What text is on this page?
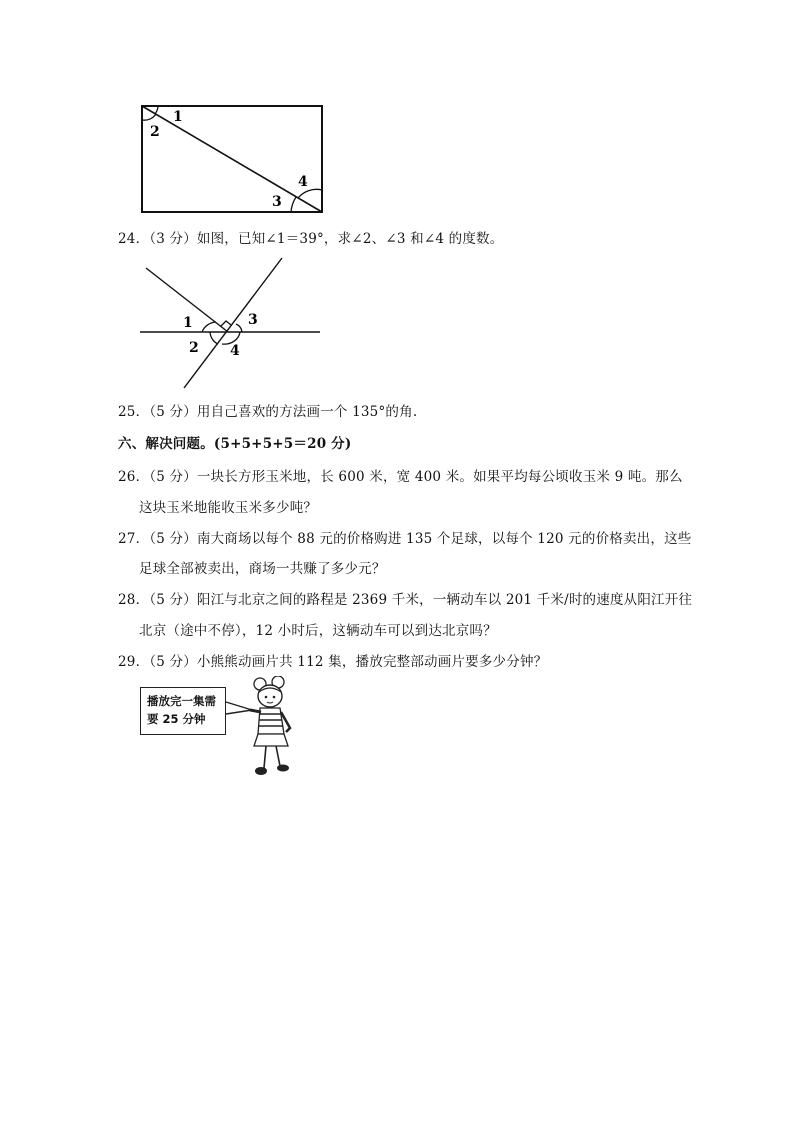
1
2
3
4
24．（3 分）如图，已知∠1＝39°，求∠2、∠3 和∠4 的度数。
1
2
3
4
25．（5 分）用自己喜欢的方法画一个 135°的角.
六、解决问题。(5+5+5+5＝20 分)
26．（5 分）一块长方形玉米地，长 600 米，宽 400 米。如果平均每公顷收玉米 9 吨。那么
这块玉米地能收玉米多少吨？
27．（5 分）南大商场以每个 88 元的价格购进 135 个足球，以每个 120 元的价格卖出，这些
足球全部被卖出，商场一共赚了多少元？
28．（5 分）阳江与北京之间的路程是 2369 千米，一辆动车以 201 千米/时的速度从阳江开往
北京（途中不停），12 小时后，这辆动车可以到达北京吗？
29．（5 分）小熊熊动画片共 112 集，播放完整部动画片要多少分钟？
播放完一集需
要 25 分钟
